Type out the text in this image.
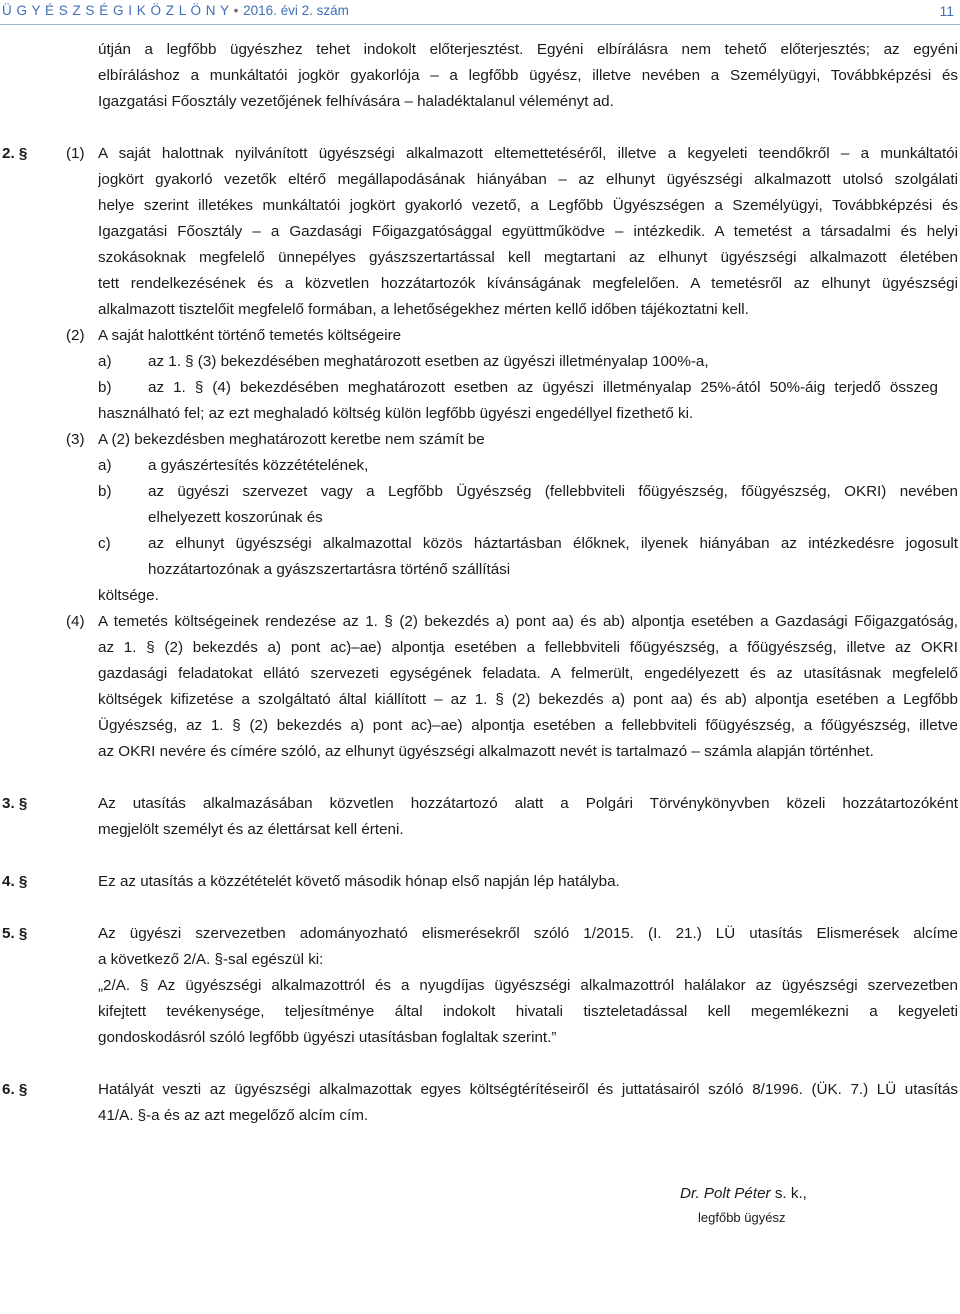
Ü G Y É S Z S É G I K Ö Z L Ö N Y • 2016. évi 2. szám	11
útján a legfőbb ügyészhez tehet indokolt előterjesztést. Egyéni elbírálásra nem tehető előterjesztés; az egyéni
elbíráláshoz a munkáltatói jogkör gyakorlója – a legfőbb ügyész, illetve nevében a Személyügyi, Továbbképzési és
Igazgatási Főosztály vezetőjének felhívására – haladéktalanul véleményt ad.
2. §	(1) A saját halottnak nyilvánított ügyészségi alkalmazott eltemettetéséről, illetve a kegyeleti teendőkről – a munkáltatói
jogkört gyakorló vezetők eltérő megállapodásának hiányában – az elhunyt ügyészségi alkalmazott utolsó szolgálati
helye szerint illetékes munkáltatói jogkört gyakorló vezető, a Legfőbb Ügyészségen a Személyügyi, Továbbképzési és
Igazgatási Főosztály – a Gazdasági Főigazgatósággal együttműködve – intézkedik. A temetést a társadalmi és helyi
szokásoknak megfelelő ünnepélyes gyászszertartással kell megtartani az elhunyt ügyészségi alkalmazott életében
tett rendelkezésének és a közvetlen hozzátartozók kívánságának megfelelően. A temetésről az elhunyt ügyészségi
alkalmazott tisztelőit megfelelő formában, a lehetőségekhez mérten kellő időben tájékoztatni kell.
(2) A saját halottként történő temetés költségeire
a) az 1. § (3) bekezdésében meghatározott esetben az ügyészi illetményalap 100%-a,
b) az 1. § (4) bekezdésében meghatározott esetben az ügyészi illetményalap 25%-ától 50%-áig terjedő összeg
használható fel; az ezt meghaladó költség külön legfőbb ügyészi engedéllyel fizethető ki.
(3) A (2) bekezdésben meghatározott keretbe nem számít be
a) a gyászértesítés közzétételének,
b) az ügyészi szervezet vagy a Legfőbb Ügyészség (fellebbviteli főügyészség, főügyészség, OKRI) nevében
elhelyezett koszorúnak és
c) az elhunyt ügyészségi alkalmazottal közös háztartásban élőknek, ilyenek hiányában az intézkedésre jogosult
hozzátartozónak a gyászszertartásra történő szállítási
költsége.
(4) A temetés költségeinek rendezése az 1. § (2) bekezdés a) pont aa) és ab) alpontja esetében a Gazdasági Főigazgatóság,
az 1. § (2) bekezdés a) pont ac)–ae) alpontja esetében a fellebbviteli főügyészség, a főügyészség, illetve az OKRI
gazdasági feladatokat ellátó szervezeti egységének feladata. A felmerült, engedélyezett és az utasításnak megfelelő
költségek kifizetése a szolgáltató által kiállított – az 1. § (2) bekezdés a) pont aa) és ab) alpontja esetében a Legfőbb
Ügyészség, az 1. § (2) bekezdés a) pont ac)–ae) alpontja esetében a fellebbviteli főügyészség, a főügyészség, illetve
az OKRI nevére és címére szóló, az elhunyt ügyészségi alkalmazott nevét is tartalmazó – számla alapján történhet.
3. §	Az utasítás alkalmazásában közvetlen hozzátartozó alatt a Polgári Törvénykönyvben közeli hozzátartozóként
megjelölt személyt és az élettársat kell érteni.
4. §	Ez az utasítás a közzétételét követő második hónap első napján lép hatályba.
5. §	Az ügyészi szervezetben adományozható elismerésekről szóló 1/2015. (I. 21.) LÜ utasítás Elismerések alcíme
a következő 2/A. §-sal egészül ki:
„2/A. § Az ügyészségi alkalmazottról és a nyugdíjas ügyészségi alkalmazottról halálakor az ügyészségi szervezetben
kifejtett tevékenysége, teljesítménye által indokolt hivatali tiszteletadással kell megemlékezni a kegyeleti
gondoskodásról szóló legfőbb ügyészi utasításban foglaltak szerint.”
6. §	Hatályát veszti az ügyészségi alkalmazottak egyes költségtérítéseiről és juttatásairól szóló 8/1996. (ÜK. 7.) LÜ utasítás
41/A. §-a és az azt megelőző alcím cím.
Dr. Polt Péter s. k.,
legfőbb ügyész
